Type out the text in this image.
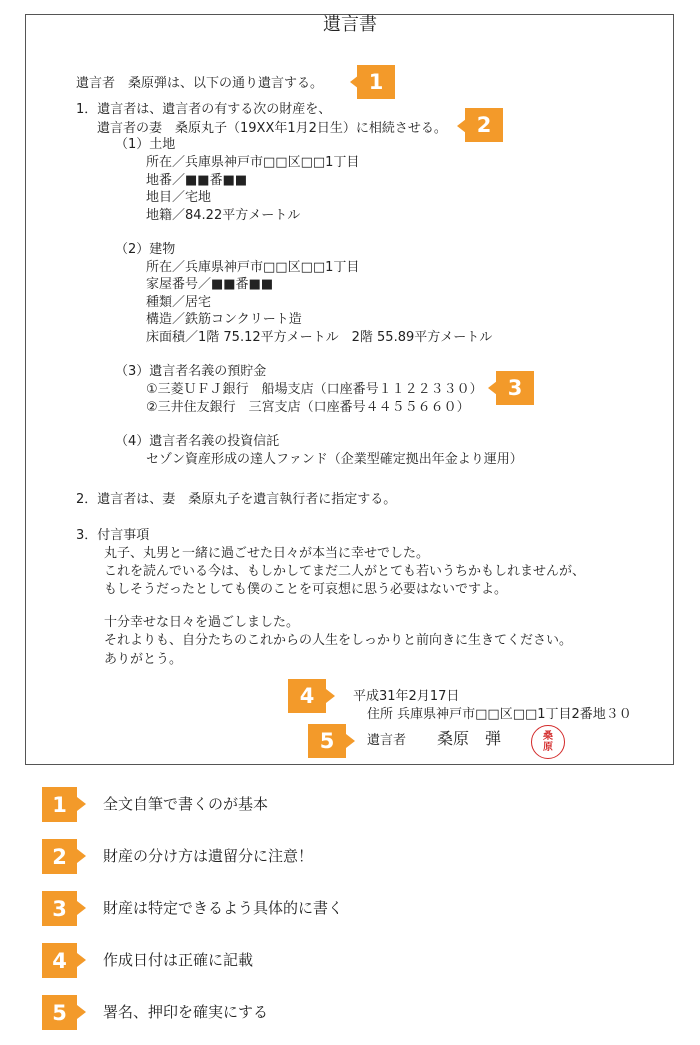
遺言書
遺言者　桑原弾は、以下の通り遺言する。
1．遺言者は、遺言者の有する次の財産を、
遺言者の妻　桑原丸子（19XX年1月2日生）に相続させる。
（1）土地
所在／兵庫県神戸市□□区□□1丁目
地番／■■番■■
地目／宅地
地籍／84.22平方メートル
（2）建物
所在／兵庫県神戸市□□区□□1丁目
家屋番号／■■番■■
種類／居宅
構造／鉄筋コンクリート造
床面積／1階 75.12平方メートル　2階 55.89平方メートル
（3）遺言者名義の預貯金
①三菱ＵＦＪ銀行　船場支店（口座番号１１２２３３０）
②三井住友銀行　三宮支店（口座番号４４５５６６０）
（4）遺言者名義の投資信託
セゾン資産形成の達人ファンド（企業型確定拠出年金より運用）
2．遺言者は、妻　桑原丸子を遺言執行者に指定する。
3．付言事項
丸子、丸男と一緒に過ごせた日々が本当に幸せでした。
これを読んでいる今は、もしかしてまだ二人がとても若いうちかもしれませんが、
もしそうだったとしても僕のことを可哀想に思う必要はないですよ。
十分幸せな日々を過ごしました。
それよりも、自分たちのこれからの人生をしっかりと前向きに生きてください。
ありがとう。
平成31年2月17日
住所 兵庫県神戸市□□区□□1丁目2番地３０
遺言者 桑原　弾	桑
原
1
2
3
4
5
1	全文自筆で書くのが基本
2	財産の分け方は遺留分に注意！
3	財産は特定できるよう具体的に書く
4	作成日付は正確に記載
5	署名、押印を確実にする
